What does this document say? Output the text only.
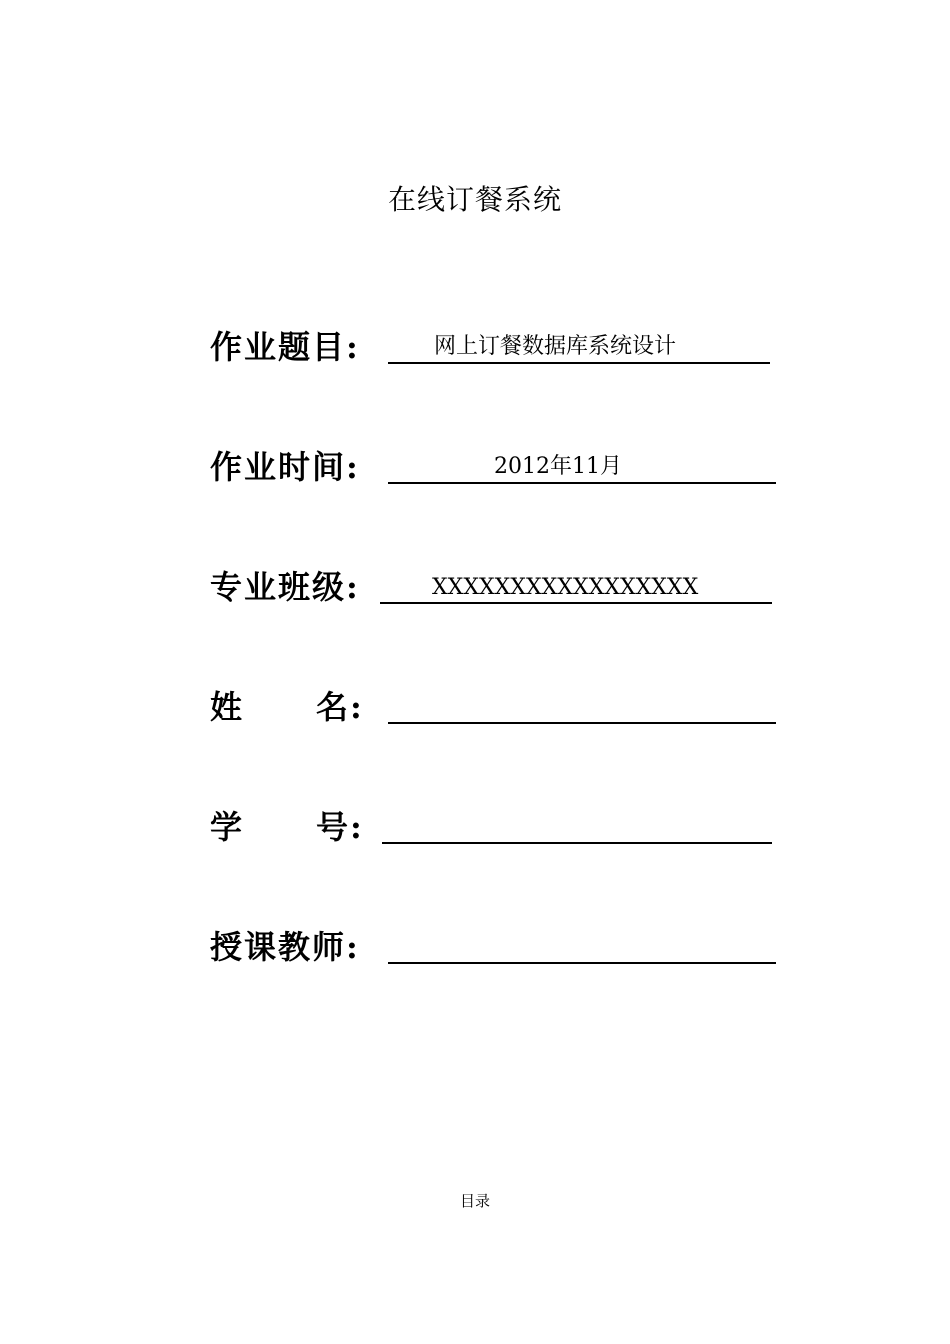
在线订餐系统
作业题目:	网上订餐数据库系统设计
作业时间:	2012年11月
专业班级:	XXXXXXXXXXXXXXXXX
姓 名:
学 号:
授课教师:
目录
